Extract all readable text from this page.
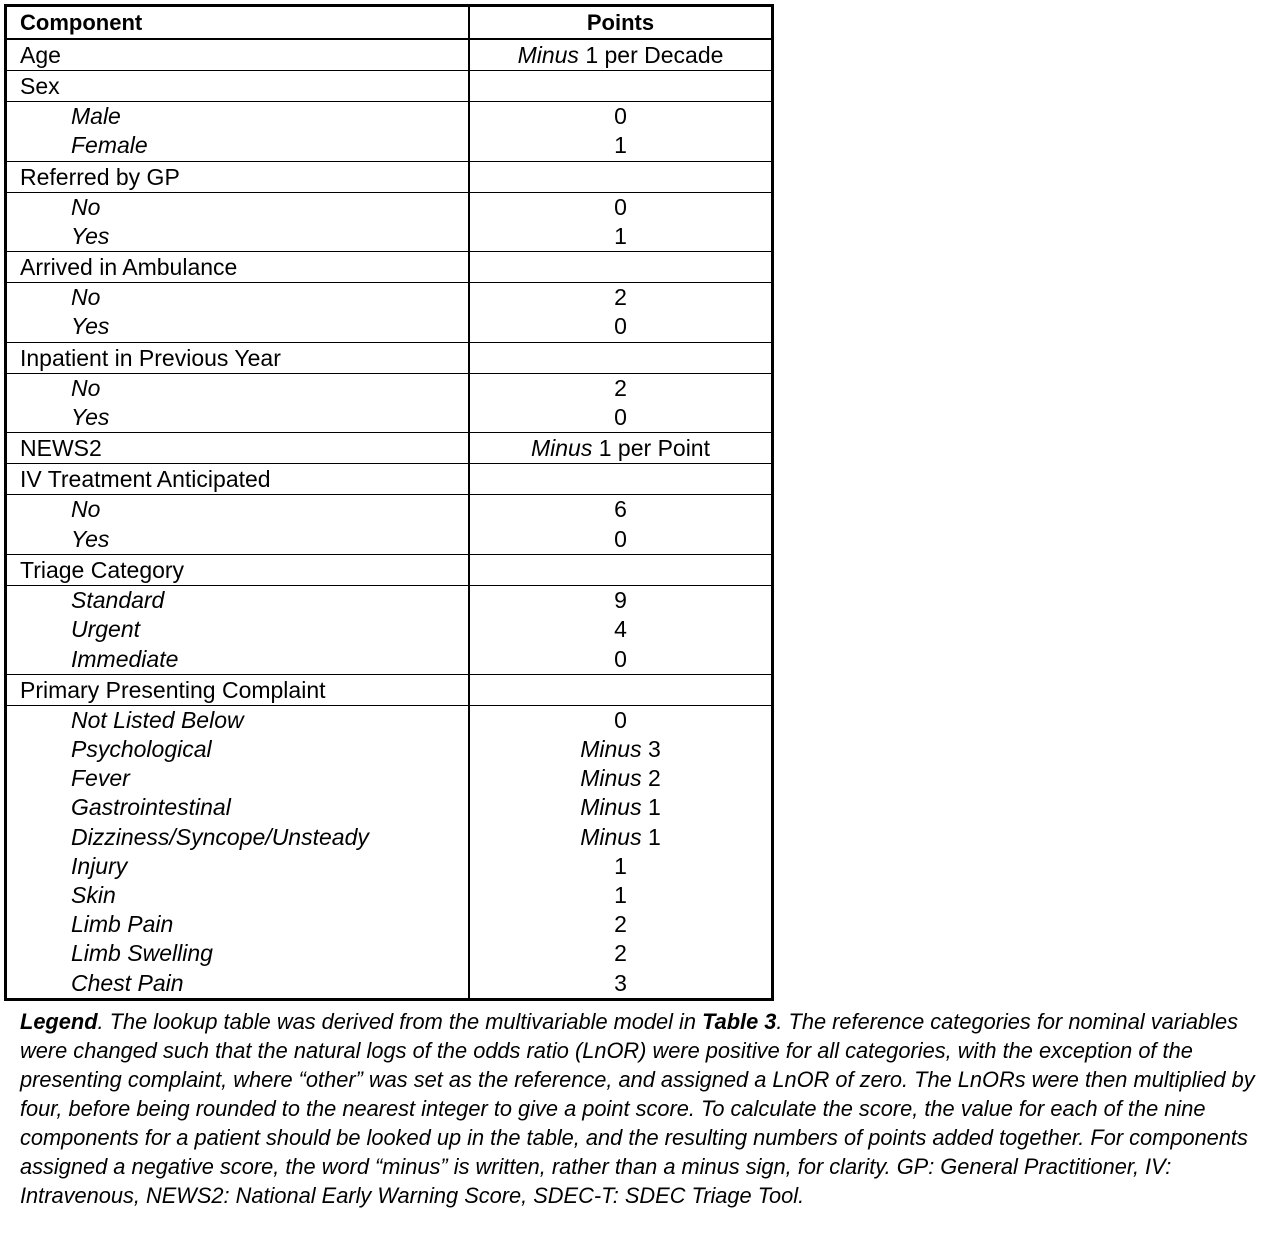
Component	Points
Age	Minus 1 per Decade
Sex
Male	0
Female	1
Referred by GP
No	0
Yes	1
Arrived in Ambulance
No	2
Yes	0
Inpatient in Previous Year
No	2
Yes	0
NEWS2	Minus 1 per Point
IV Treatment Anticipated
No	6
Yes	0
Triage Category
Standard	9
Urgent	4
Immediate	0
Primary Presenting Complaint
Not Listed Below	0
Psychological	Minus 3
Fever	Minus 2
Gastrointestinal	Minus 1
Dizziness/Syncope/Unsteady	Minus 1
Injury	1
Skin	1
Limb Pain	2
Limb Swelling	2
Chest Pain	3
Legend. The lookup table was derived from the multivariable model in Table 3. The reference categories for nominal variables were changed such that the natural logs of the odds ratio (LnOR) were positive for all categories, with the exception of the presenting complaint, where “other” was set as the reference, and assigned a LnOR of zero. The LnORs were then multiplied by four, before being rounded to the nearest integer to give a point score. To calculate the score, the value for each of the nine components for a patient should be looked up in the table, and the resulting numbers of points added together. For components assigned a negative score, the word “minus” is written, rather than a minus sign, for clarity. GP: General Practitioner, IV: Intravenous, NEWS2: National Early Warning Score, SDEC-T: SDEC Triage Tool.
